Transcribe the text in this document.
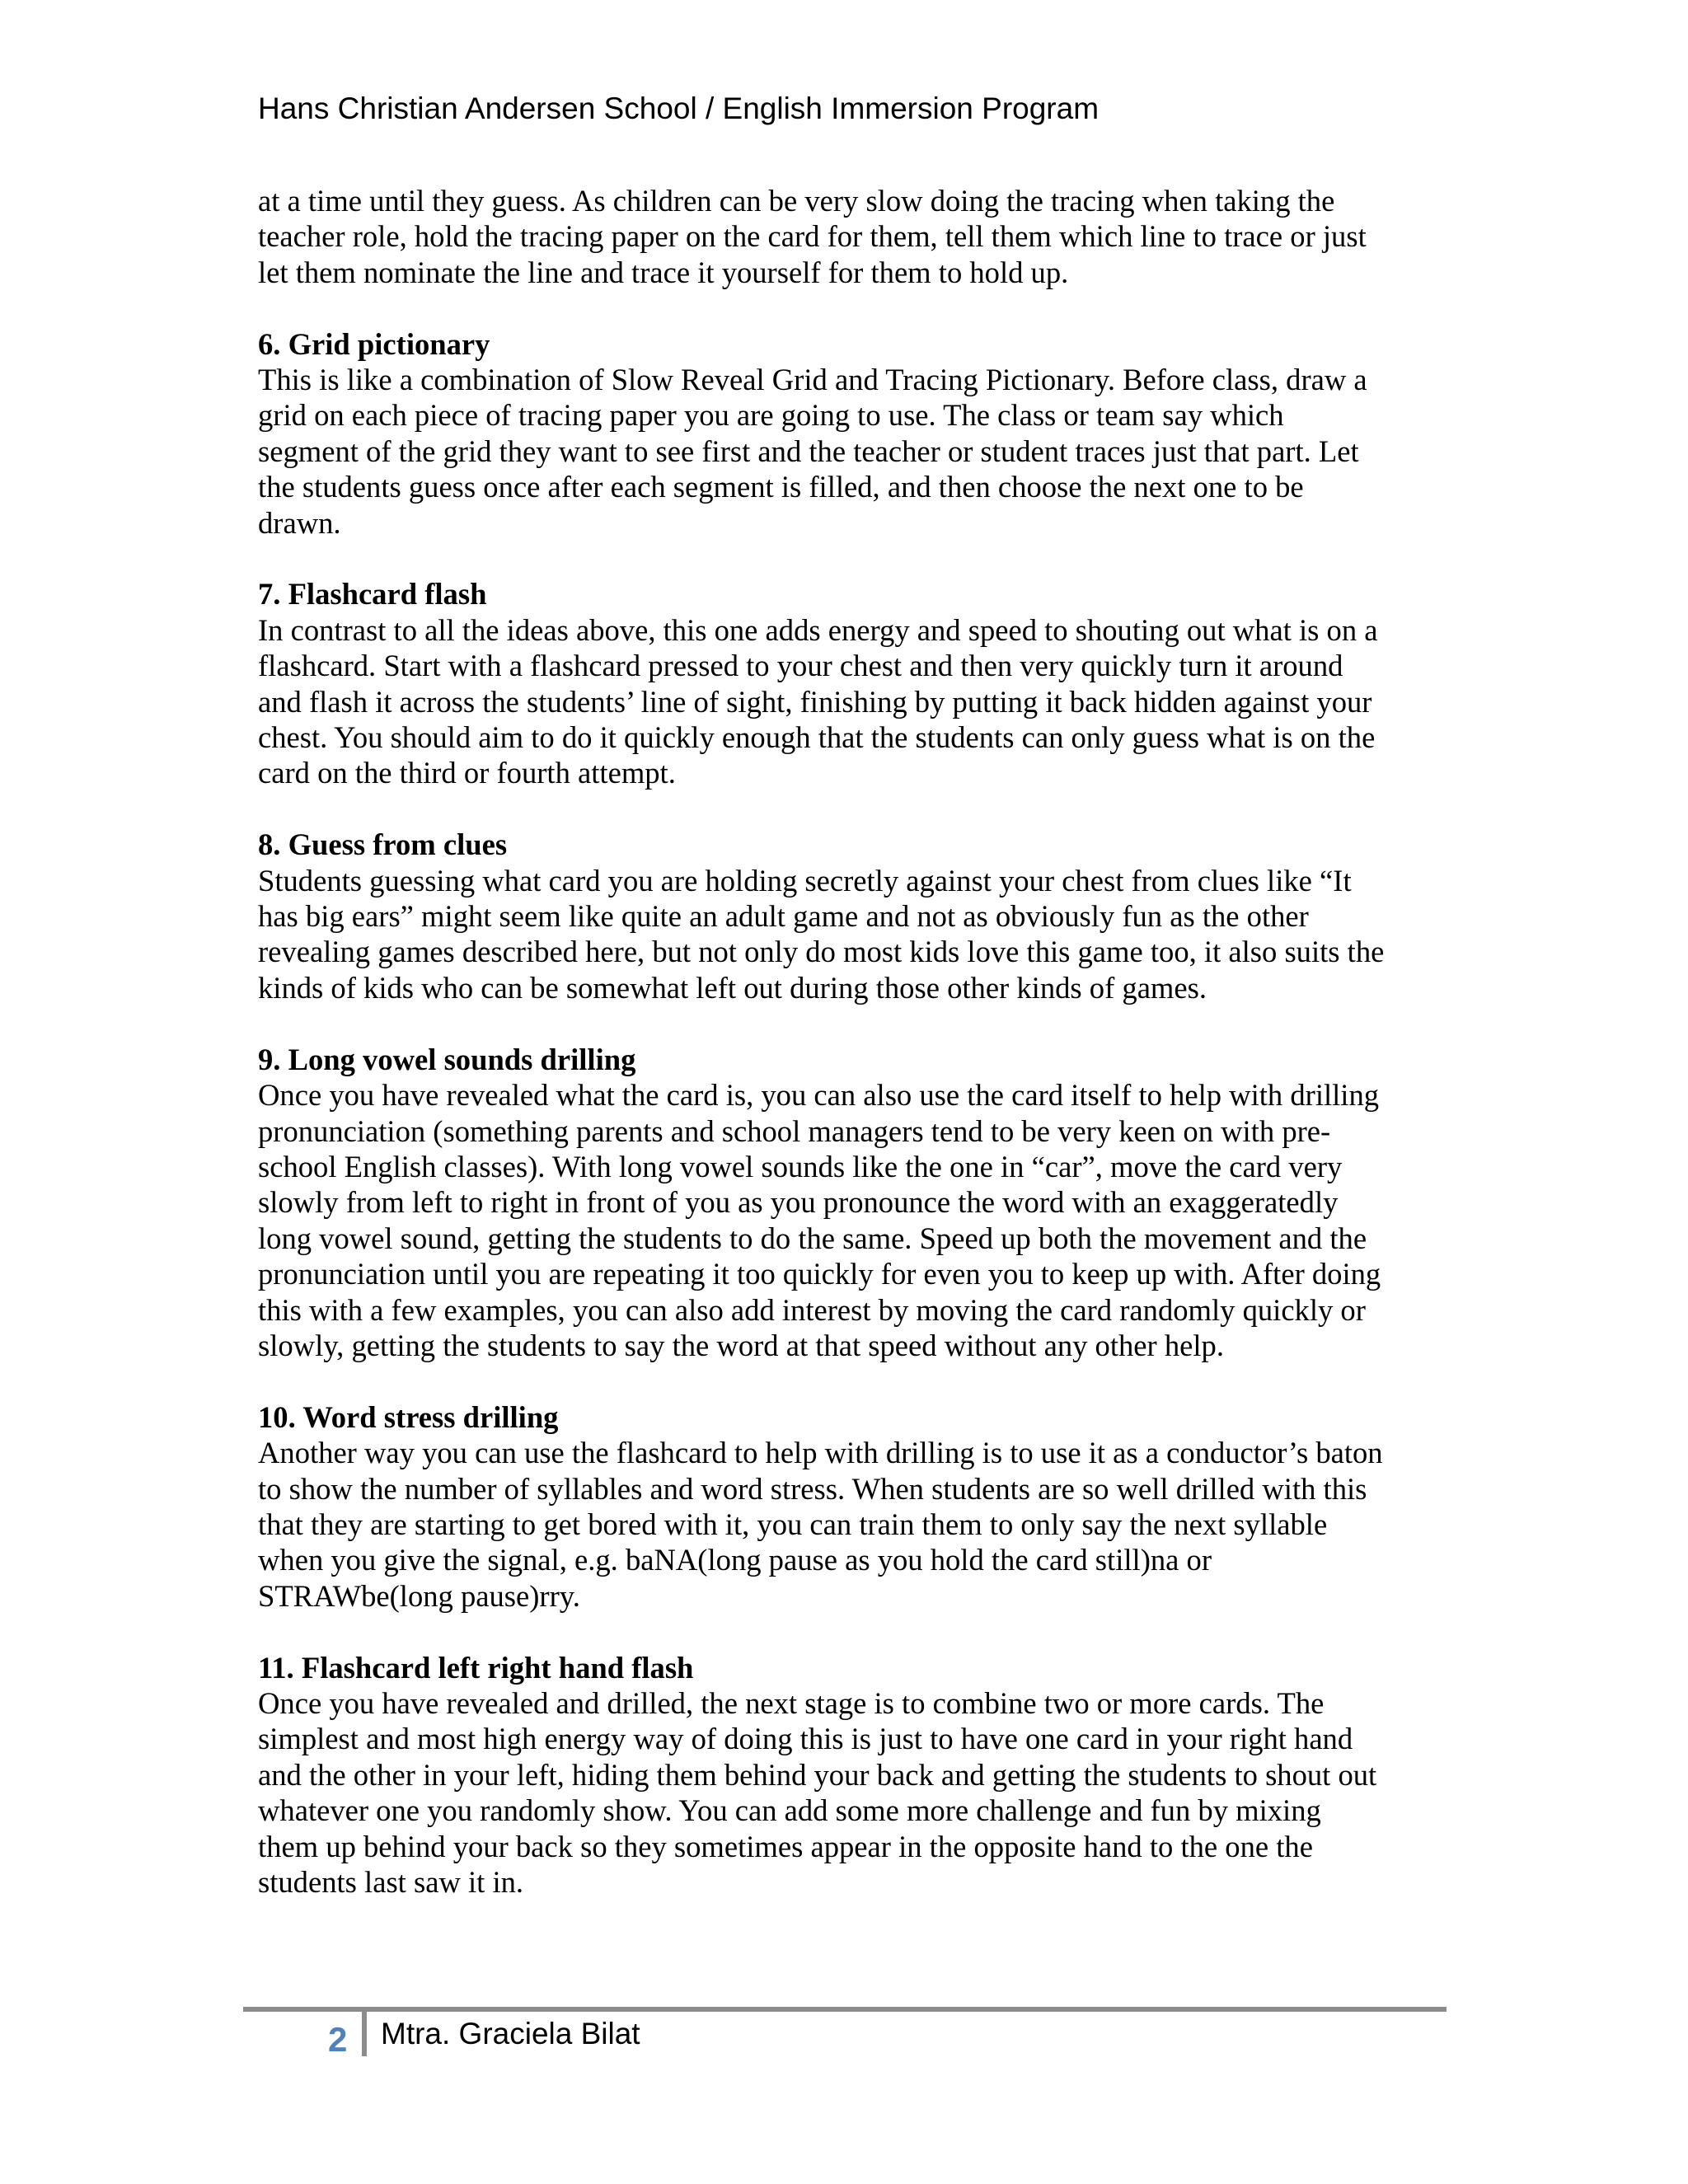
Hans Christian Andersen School / English Immersion Program

at a time until they guess. As children can be very slow doing the tracing when taking the

teacher role, hold the tracing paper on the card for them, tell them which line to trace or just

let them nominate the line and trace it yourself for them to hold up.

6. Grid pictionary

This is like a combination of Slow Reveal Grid and Tracing Pictionary. Before class, draw a

grid on each piece of tracing paper you are going to use. The class or team say which

segment of the grid they want to see first and the teacher or student traces just that part. Let

the students guess once after each segment is filled, and then choose the next one to be

drawn.

7. Flashcard flash

In contrast to all the ideas above, this one adds energy and speed to shouting out what is on a

flashcard. Start with a flashcard pressed to your chest and then very quickly turn it around

and flash it across the students’ line of sight, finishing by putting it back hidden against your

chest. You should aim to do it quickly enough that the students can only guess what is on the

card on the third or fourth attempt.

8. Guess from clues

Students guessing what card you are holding secretly against your chest from clues like “It

has big ears” might seem like quite an adult game and not as obviously fun as the other

revealing games described here, but not only do most kids love this game too, it also suits the

kinds of kids who can be somewhat left out during those other kinds of games.

9. Long vowel sounds drilling

Once you have revealed what the card is, you can also use the card itself to help with drilling

pronunciation (something parents and school managers tend to be very keen on with pre-

school English classes). With long vowel sounds like the one in “car”, move the card very

slowly from left to right in front of you as you pronounce the word with an exaggeratedly

long vowel sound, getting the students to do the same. Speed up both the movement and the

pronunciation until you are repeating it too quickly for even you to keep up with. After doing

this with a few examples, you can also add interest by moving the card randomly quickly or

slowly, getting the students to say the word at that speed without any other help.

10. Word stress drilling

Another way you can use the flashcard to help with drilling is to use it as a conductor’s baton

to show the number of syllables and word stress. When students are so well drilled with this

that they are starting to get bored with it, you can train them to only say the next syllable

when you give the signal, e.g. baNA(long pause as you hold the card still)na or

STRAWbe(long pause)rry.

11. Flashcard left right hand flash

Once you have revealed and drilled, the next stage is to combine two or more cards. The

simplest and most high energy way of doing this is just to have one card in your right hand

and the other in your left, hiding them behind your back and getting the students to shout out

whatever one you randomly show. You can add some more challenge and fun by mixing

them up behind your back so they sometimes appear in the opposite hand to the one the

students last saw it in.

2 Mtra. Graciela Bilat
